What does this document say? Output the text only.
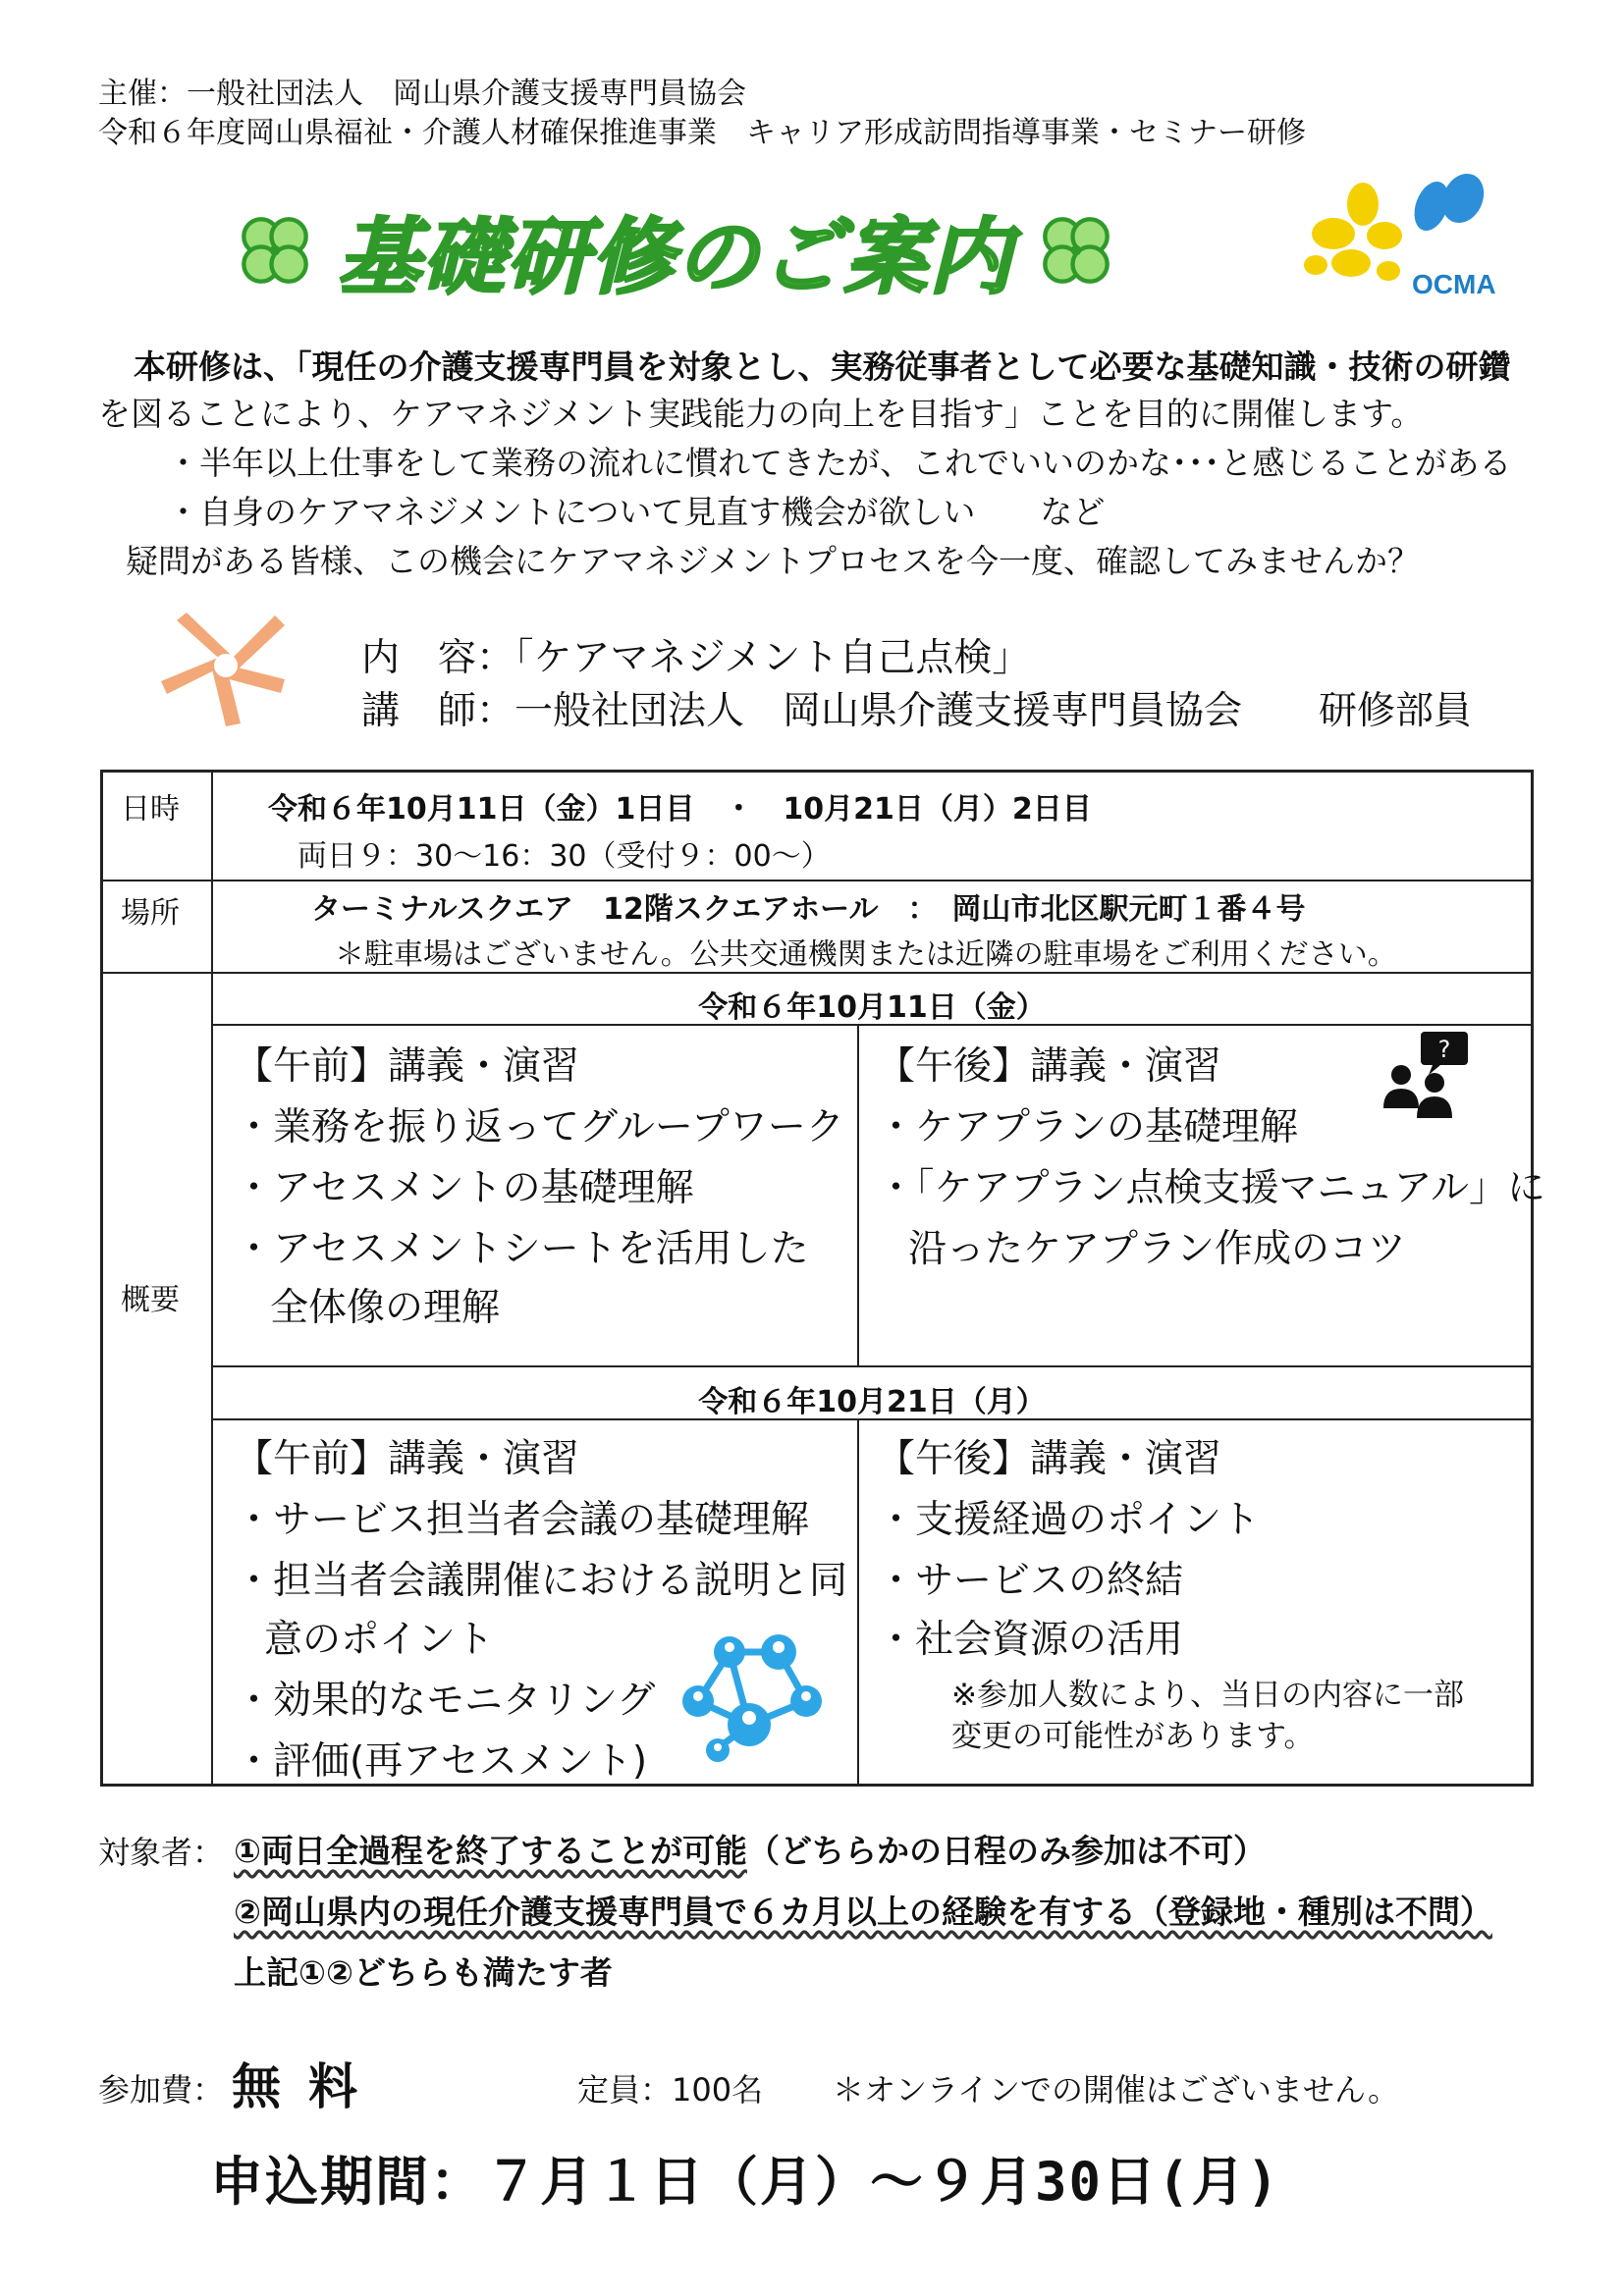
主催：一般社団法人　岡山県介護支援専門員協会
令和６年度岡山県福祉・介護人材確保推進事業　キャリア形成訪問指導事業・セミナー研修
基礎研修のご案内	OCMA
本研修は、「現任の介護支援専門員を対象とし、実務従事者として必要な基礎知識・技術の研鑽
を図ることにより、ケアマネジメント実践能力の向上を目指す」ことを目的に開催します。
・半年以上仕事をして業務の流れに慣れてきたが、これでいいのかな･･･と感じることがある
・自身のケアマネジメントについて見直す機会が欲しい　　など
疑問がある皆様、この機会にケアマネジメントプロセスを今一度、確認してみませんか？
内　容：「ケアマネジメント自己点検」
講　師：一般社団法人　岡山県介護支援専門員協会　　研修部員
日時
場所
概要
令和６年10月11日（金）1日目　・　10月21日（月）2日目
両日９：30～16：30（受付９：00～）
ターミナルスクエア　12階スクエアホール　：　岡山市北区駅元町１番４号
＊駐車場はございません。公共交通機関または近隣の駐車場をご利用ください。
令和６年10月11日（金）
【午前】講義・演習
・業務を振り返ってグループワーク
・アセスメントの基礎理解
・アセスメントシートを活用した
全体像の理解
【午後】講義・演習
・ケアプランの基礎理解
・「ケアプラン点検支援マニュアル」に
沿ったケアプラン作成のコツ
?
令和６年10月21日（月）
【午前】講義・演習
・サービス担当者会議の基礎理解
・担当者会議開催における説明と同
意のポイント
・効果的なモニタリング
・評価(再アセスメント)
【午後】講義・演習
・支援経過のポイント
・サービスの終結
・社会資源の活用
※参加人数により、当日の内容に一部
変更の可能性があります。
対象者： ①両日全過程を終了することが可能（どちらかの日程のみ参加は不可）
②岡山県内の現任介護支援専門員で６カ月以上の経験を有する（登録地・種別は不問）
上記①②どちらも満たす者
参加費： 無料	定員：100名 ＊オンラインでの開催はございません。
申込期間：７月１日（月）～９月30日(月)
